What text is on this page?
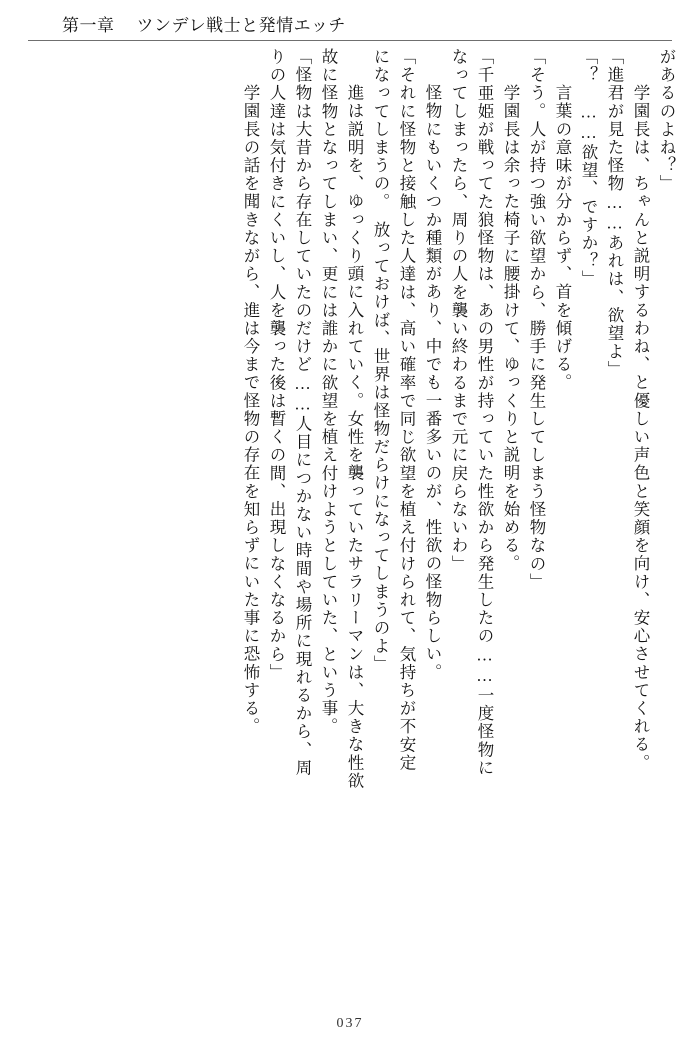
第一章 ツンデレ戦士と発情エッチ
があるのよね？」
　学園長は、ちゃんと説明するわね、と優しい声色と笑顔を向け、安心させてくれる。
「進君が見た怪物……あれは、欲望よ」
「？　……欲望、ですか？」
　言葉の意味が分からず、首を傾げる。
「そう。人が持つ強い欲望から、勝手に発生してしまう怪物なの」
　学園長は余った椅子に腰掛けて、ゆっくりと説明を始める。
「千亜姫が戦ってた狼怪物は、あの男性が持っていた性欲から発生したの……一度怪物に
なってしまったら、周りの人を襲い終わるまで元に戻らないわ」
　怪物にもいくつか種類があり、中でも一番多いのが、性欲の怪物らしい。
「それに怪物と接触した人達は、高い確率で同じ欲望を植え付けられて、気持ちが不安定
になってしまうの。　放っておけば、世界は怪物だらけになってしまうのよ」
　進は説明を、ゆっくり頭に入れていく。女性を襲っていたサラリーマンは、大きな性欲
故に怪物となってしまい、更には誰かに欲望を植え付けようとしていた、という事。
「怪物は大昔から存在していたのだけど……人目につかない時間や場所に現れるから、周
りの人達は気付きにくいし、人を襲った後は暫くの間、出現しなくなるから」
　学園長の話を聞きながら、進は今まで怪物の存在を知らずにいた事に恐怖する。
037
